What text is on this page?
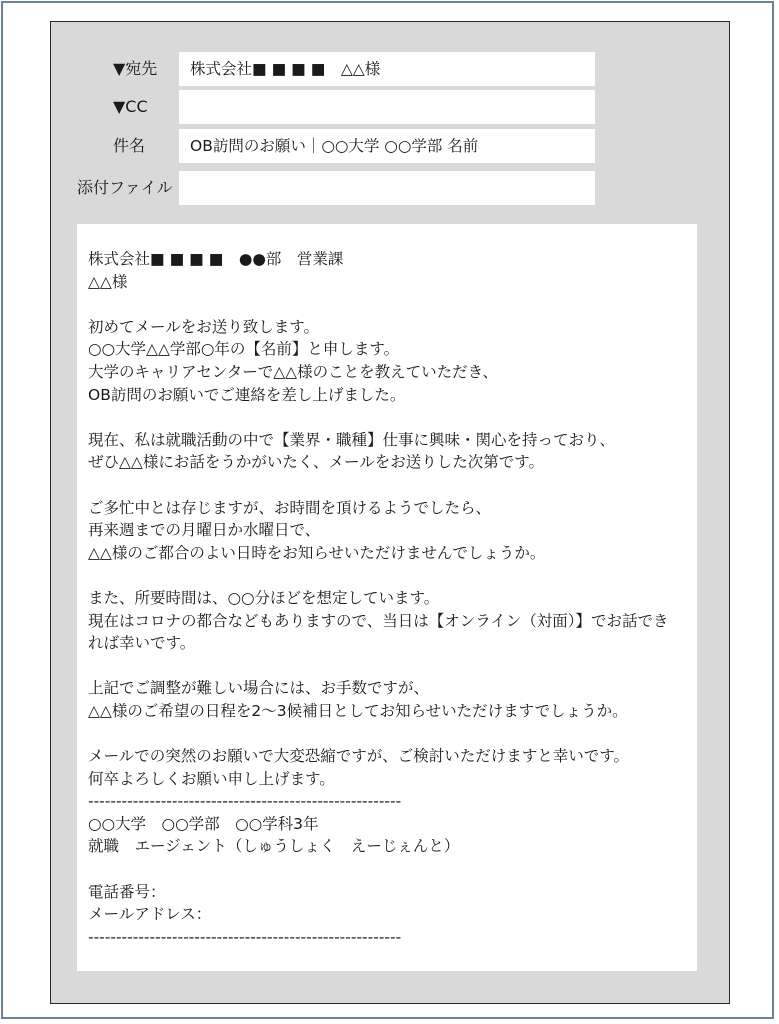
▼宛先	株式会社■ ■ ■ ■　△△様
▼CC
件名	OB訪問のお願い｜○○大学 ○○学部 名前
添付ファイル
株式会社■ ■ ■ ■　●●部　営業課
△△様
初めてメールをお送り致します。
○○大学△△学部○年の【名前】と申します。
大学のキャリアセンターで△△様のことを教えていただき、
OB訪問のお願いでご連絡を差し上げました。
現在、私は就職活動の中で【業界・職種】仕事に興味・関心を持っており、
ぜひ△△様にお話をうかがいたく、メールをお送りした次第です。
ご多忙中とは存じますが、お時間を頂けるようでしたら、
再来週までの月曜日か水曜日で、
△△様のご都合のよい日時をお知らせいただけませんでしょうか。
また、所要時間は、○○分ほどを想定しています。
現在はコロナの都合などもありますので、当日は【オンライン（対面）】でお話でき
れば幸いです。
上記でご調整が難しい場合には、お手数ですが、
△△様のご希望の日程を2～3候補日としてお知らせいただけますでしょうか。
メールでの突然のお願いで大変恐縮ですが、ご検討いただけますと幸いです。
何卒よろしくお願い申し上げます。
--------------------------------------------------------
○○大学　○○学部　○○学科3年
就職　エージェント（しゅうしょく　えーじぇんと）
電話番号：
メールアドレス：
--------------------------------------------------------
